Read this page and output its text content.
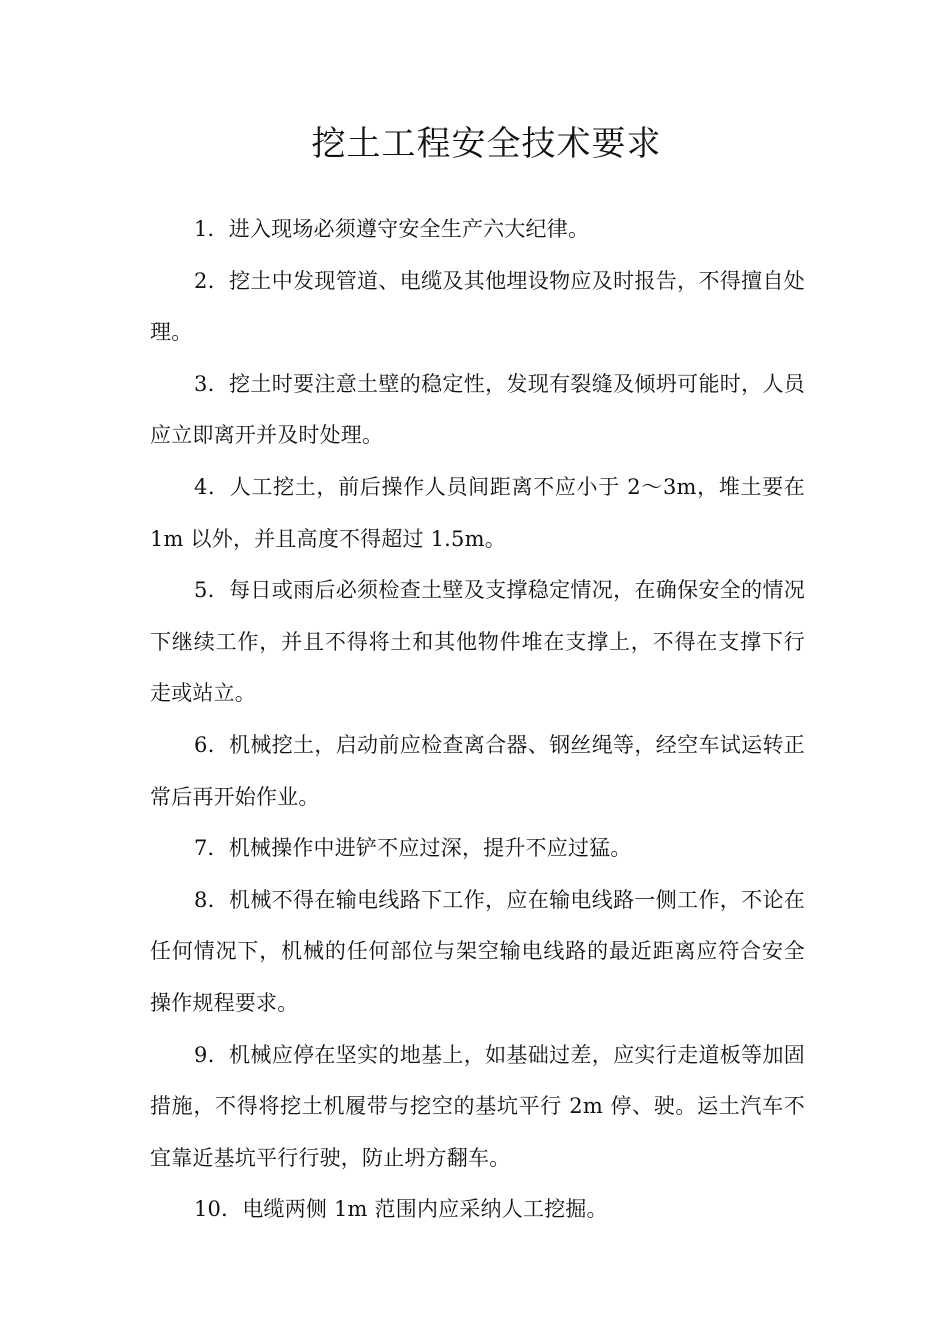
挖土工程安全技术要求

1．进入现场必须遵守安全生产六大纪律。

2．挖土中发现管道、电缆及其他埋设物应及时报告，不得擅自处理。

3．挖土时要注意土壁的稳定性，发现有裂缝及倾坍可能时，人员应立即离开并及时处理。

4．人工挖土，前后操作人员间距离不应小于 2～3m，堆土要在 1m 以外，并且高度不得超过 1.5m。

5．每日或雨后必须检查土壁及支撑稳定情况，在确保安全的情况下继续工作，并且不得将土和其他物件堆在支撑上，不得在支撑下行走或站立。

6．机械挖土，启动前应检查离合器、钢丝绳等，经空车试运转正常后再开始作业。

7．机械操作中进铲不应过深，提升不应过猛。

8．机械不得在输电线路下工作，应在输电线路一侧工作，不论在任何情况下，机械的任何部位与架空输电线路的最近距离应符合安全操作规程要求。

9．机械应停在坚实的地基上，如基础过差，应实行走道板等加固措施，不得将挖土机履带与挖空的基坑平行 2m 停、驶。运土汽车不宜靠近基坑平行行驶，防止坍方翻车。

10．电缆两侧 1m 范围内应采纳人工挖掘。
